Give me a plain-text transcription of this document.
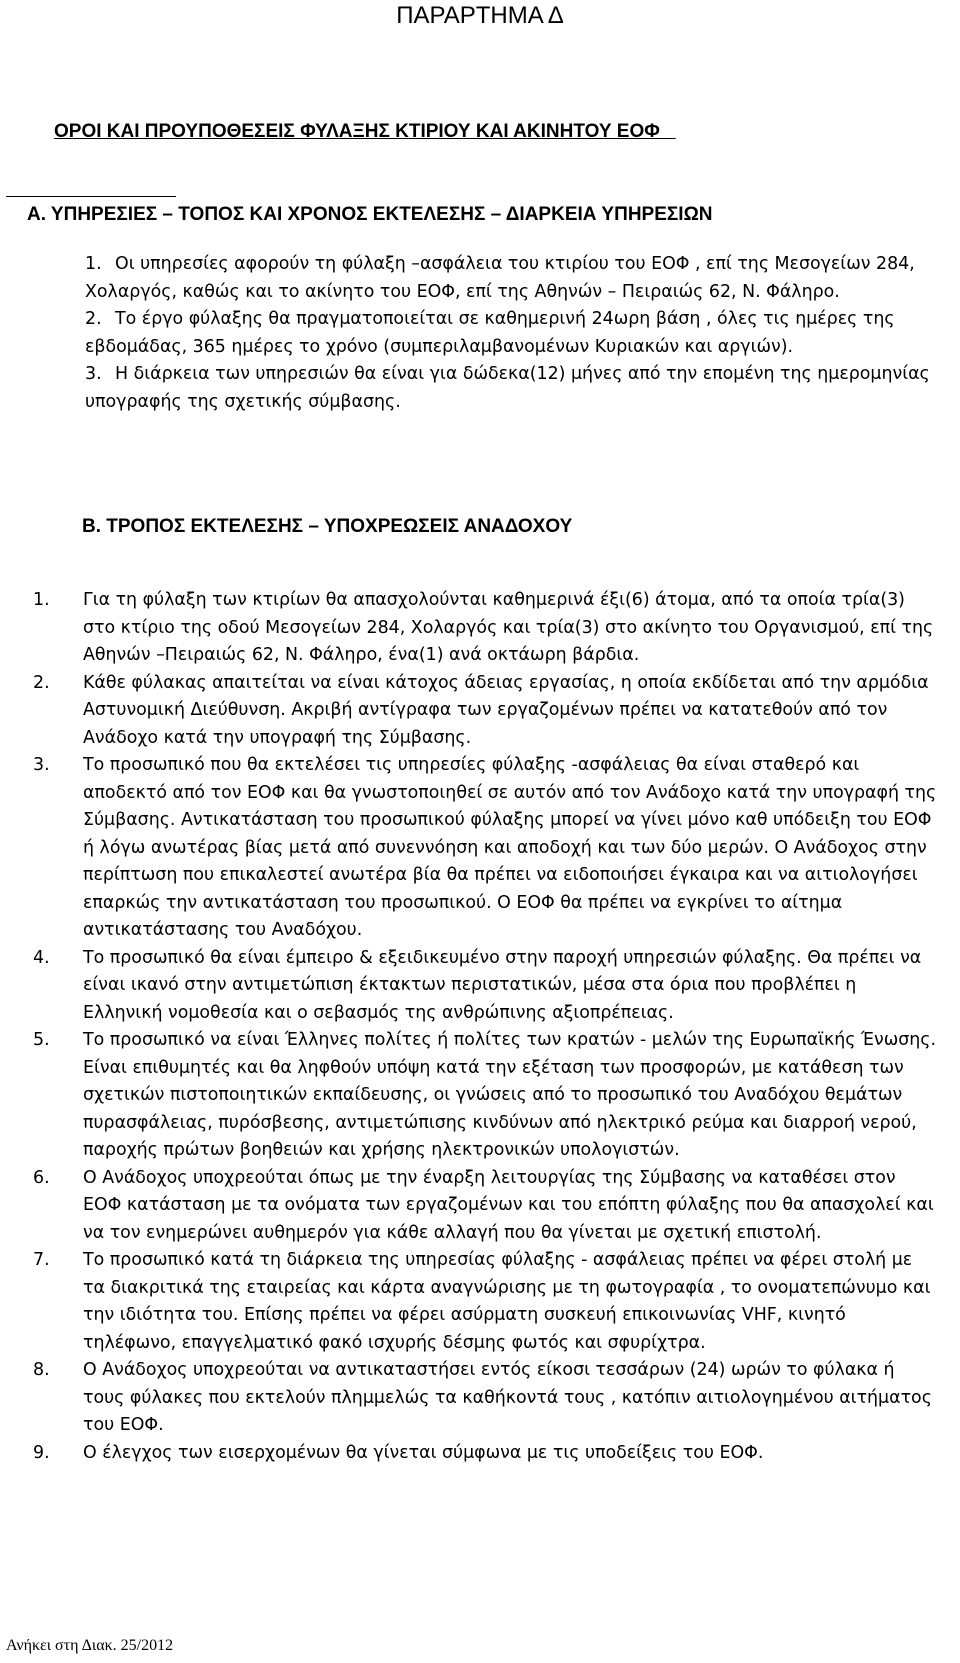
ΠΑΡΑΡΤΗΜΑ Δ
ΟΡΟΙ ΚΑΙ ΠΡΟΥΠΟΘΕΣΕΙΣ ΦΥΛΑΞΗΣ ΚΤΙΡΙΟΥ ΚΑΙ ΑΚΙΝΗΤΟΥ ΕΟΦ
Α. ΥΠΗΡΕΣΙΕΣ – ΤΟΠΟΣ ΚΑΙ ΧΡΟΝΟΣ ΕΚΤΕΛΕΣΗΣ – ΔΙΑΡΚΕΙΑ ΥΠΗΡΕΣΙΩΝ

1. Οι υπηρεσίες αφορούν τη φύλαξη –ασφάλεια του κτιρίου του ΕΟΦ , επί της Μεσογείων 284, Χολαργός, καθώς και το ακίνητο του ΕΟΦ, επί της Αθηνών – Πειραιώς 62, Ν. Φάληρο.

2. Το έργο φύλαξης θα πραγματοποιείται σε καθημερινή 24ωρη βάση , όλες τις ημέρες της εβδομάδας, 365 ημέρες το χρόνο (συμπεριλαμβανομένων Κυριακών και αργιών).

3. Η διάρκεια των υπηρεσιών θα είναι για δώδεκα(12) μήνες από την επομένη της ημερομηνίας υπογραφής της σχετικής σύμβασης.

Β. ΤΡΟΠΟΣ ΕΚΤΕΛΕΣΗΣ – ΥΠΟΧΡΕΩΣΕΙΣ ΑΝΑΔΟΧΟΥ

1. Για τη φύλαξη των κτιρίων θα απασχολούνται καθημερινά έξι(6) άτομα, από τα οποία τρία(3) στο κτίριο της οδού Μεσογείων 284, Χολαργός και τρία(3) στο ακίνητο του Οργανισμού, επί της Αθηνών –Πειραιώς 62, Ν. Φάληρο, ένα(1) ανά οκτάωρη βάρδια.

2. Κάθε φύλακας απαιτείται να είναι κάτοχος άδειας εργασίας, η οποία εκδίδεται από την αρμόδια Αστυνομική Διεύθυνση. Ακριβή αντίγραφα των εργαζομένων πρέπει να κατατεθούν από τον Ανάδοχο κατά την υπογραφή της Σύμβασης.

3. Το προσωπικό που θα εκτελέσει τις υπηρεσίες φύλαξης -ασφάλειας θα είναι σταθερό και αποδεκτό από τον ΕΟΦ και θα γνωστοποιηθεί σε αυτόν από τον Ανάδοχο κατά την υπογραφή της Σύμβασης. Αντικατάσταση του προσωπικού φύλαξης μπορεί να γίνει μόνο καθ υπόδειξη του ΕΟΦ ή λόγω ανωτέρας βίας μετά από συνεννόηση και αποδοχή και των δύο μερών. Ο Ανάδοχος στην περίπτωση που επικαλεστεί ανωτέρα βία θα πρέπει να ειδοποιήσει έγκαιρα και να αιτιολογήσει επαρκώς την αντικατάσταση του προσωπικού. Ο ΕΟΦ θα πρέπει να εγκρίνει το αίτημα αντικατάστασης του Αναδόχου.

4. Το προσωπικό θα είναι έμπειρο & εξειδικευμένο στην παροχή υπηρεσιών φύλαξης. Θα πρέπει να είναι ικανό στην αντιμετώπιση έκτακτων περιστατικών, μέσα στα όρια που προβλέπει η Ελληνική νομοθεσία και ο σεβασμός της ανθρώπινης αξιοπρέπειας.

5. Το προσωπικό να είναι Έλληνες πολίτες ή πολίτες των κρατών - μελών της Ευρωπαϊκής Ένωσης. Είναι επιθυμητές και θα ληφθούν υπόψη κατά την εξέταση των προσφορών, με κατάθεση των σχετικών πιστοποιητικών εκπαίδευσης, οι γνώσεις από το προσωπικό του Αναδόχου θεμάτων πυρασφάλειας, πυρόσβεσης, αντιμετώπισης κινδύνων από ηλεκτρικό ρεύμα και διαρροή νερού, παροχής πρώτων βοηθειών και χρήσης ηλεκτρονικών υπολογιστών.

6. Ο Ανάδοχος υποχρεούται όπως με την έναρξη λειτουργίας της Σύμβασης να καταθέσει στον ΕΟΦ κατάσταση με τα ονόματα των εργαζομένων και του επόπτη φύλαξης που θα απασχολεί και να τον ενημερώνει αυθημερόν για κάθε αλλαγή που θα γίνεται με σχετική επιστολή.

7. Το προσωπικό κατά τη διάρκεια της υπηρεσίας φύλαξης - ασφάλειας πρέπει να φέρει στολή με τα διακριτικά της εταιρείας και κάρτα αναγνώρισης με τη φωτογραφία , το ονοματεπώνυμο και την ιδιότητα του. Επίσης πρέπει να φέρει ασύρματη συσκευή επικοινωνίας VHF, κινητό τηλέφωνο, επαγγελματικό φακό ισχυρής δέσμης φωτός και σφυρίχτρα.

8. Ο Ανάδοχος υποχρεούται να αντικαταστήσει εντός είκοσι τεσσάρων (24) ωρών το φύλακα ή τους φύλακες που εκτελούν πλημμελώς τα καθήκοντά τους , κατόπιν αιτιολογημένου αιτήματος του ΕΟΦ.

9. Ο έλεγχος των εισερχομένων θα γίνεται σύμφωνα με τις υποδείξεις του ΕΟΦ.

Ανήκει στη Διακ. 25/2012
